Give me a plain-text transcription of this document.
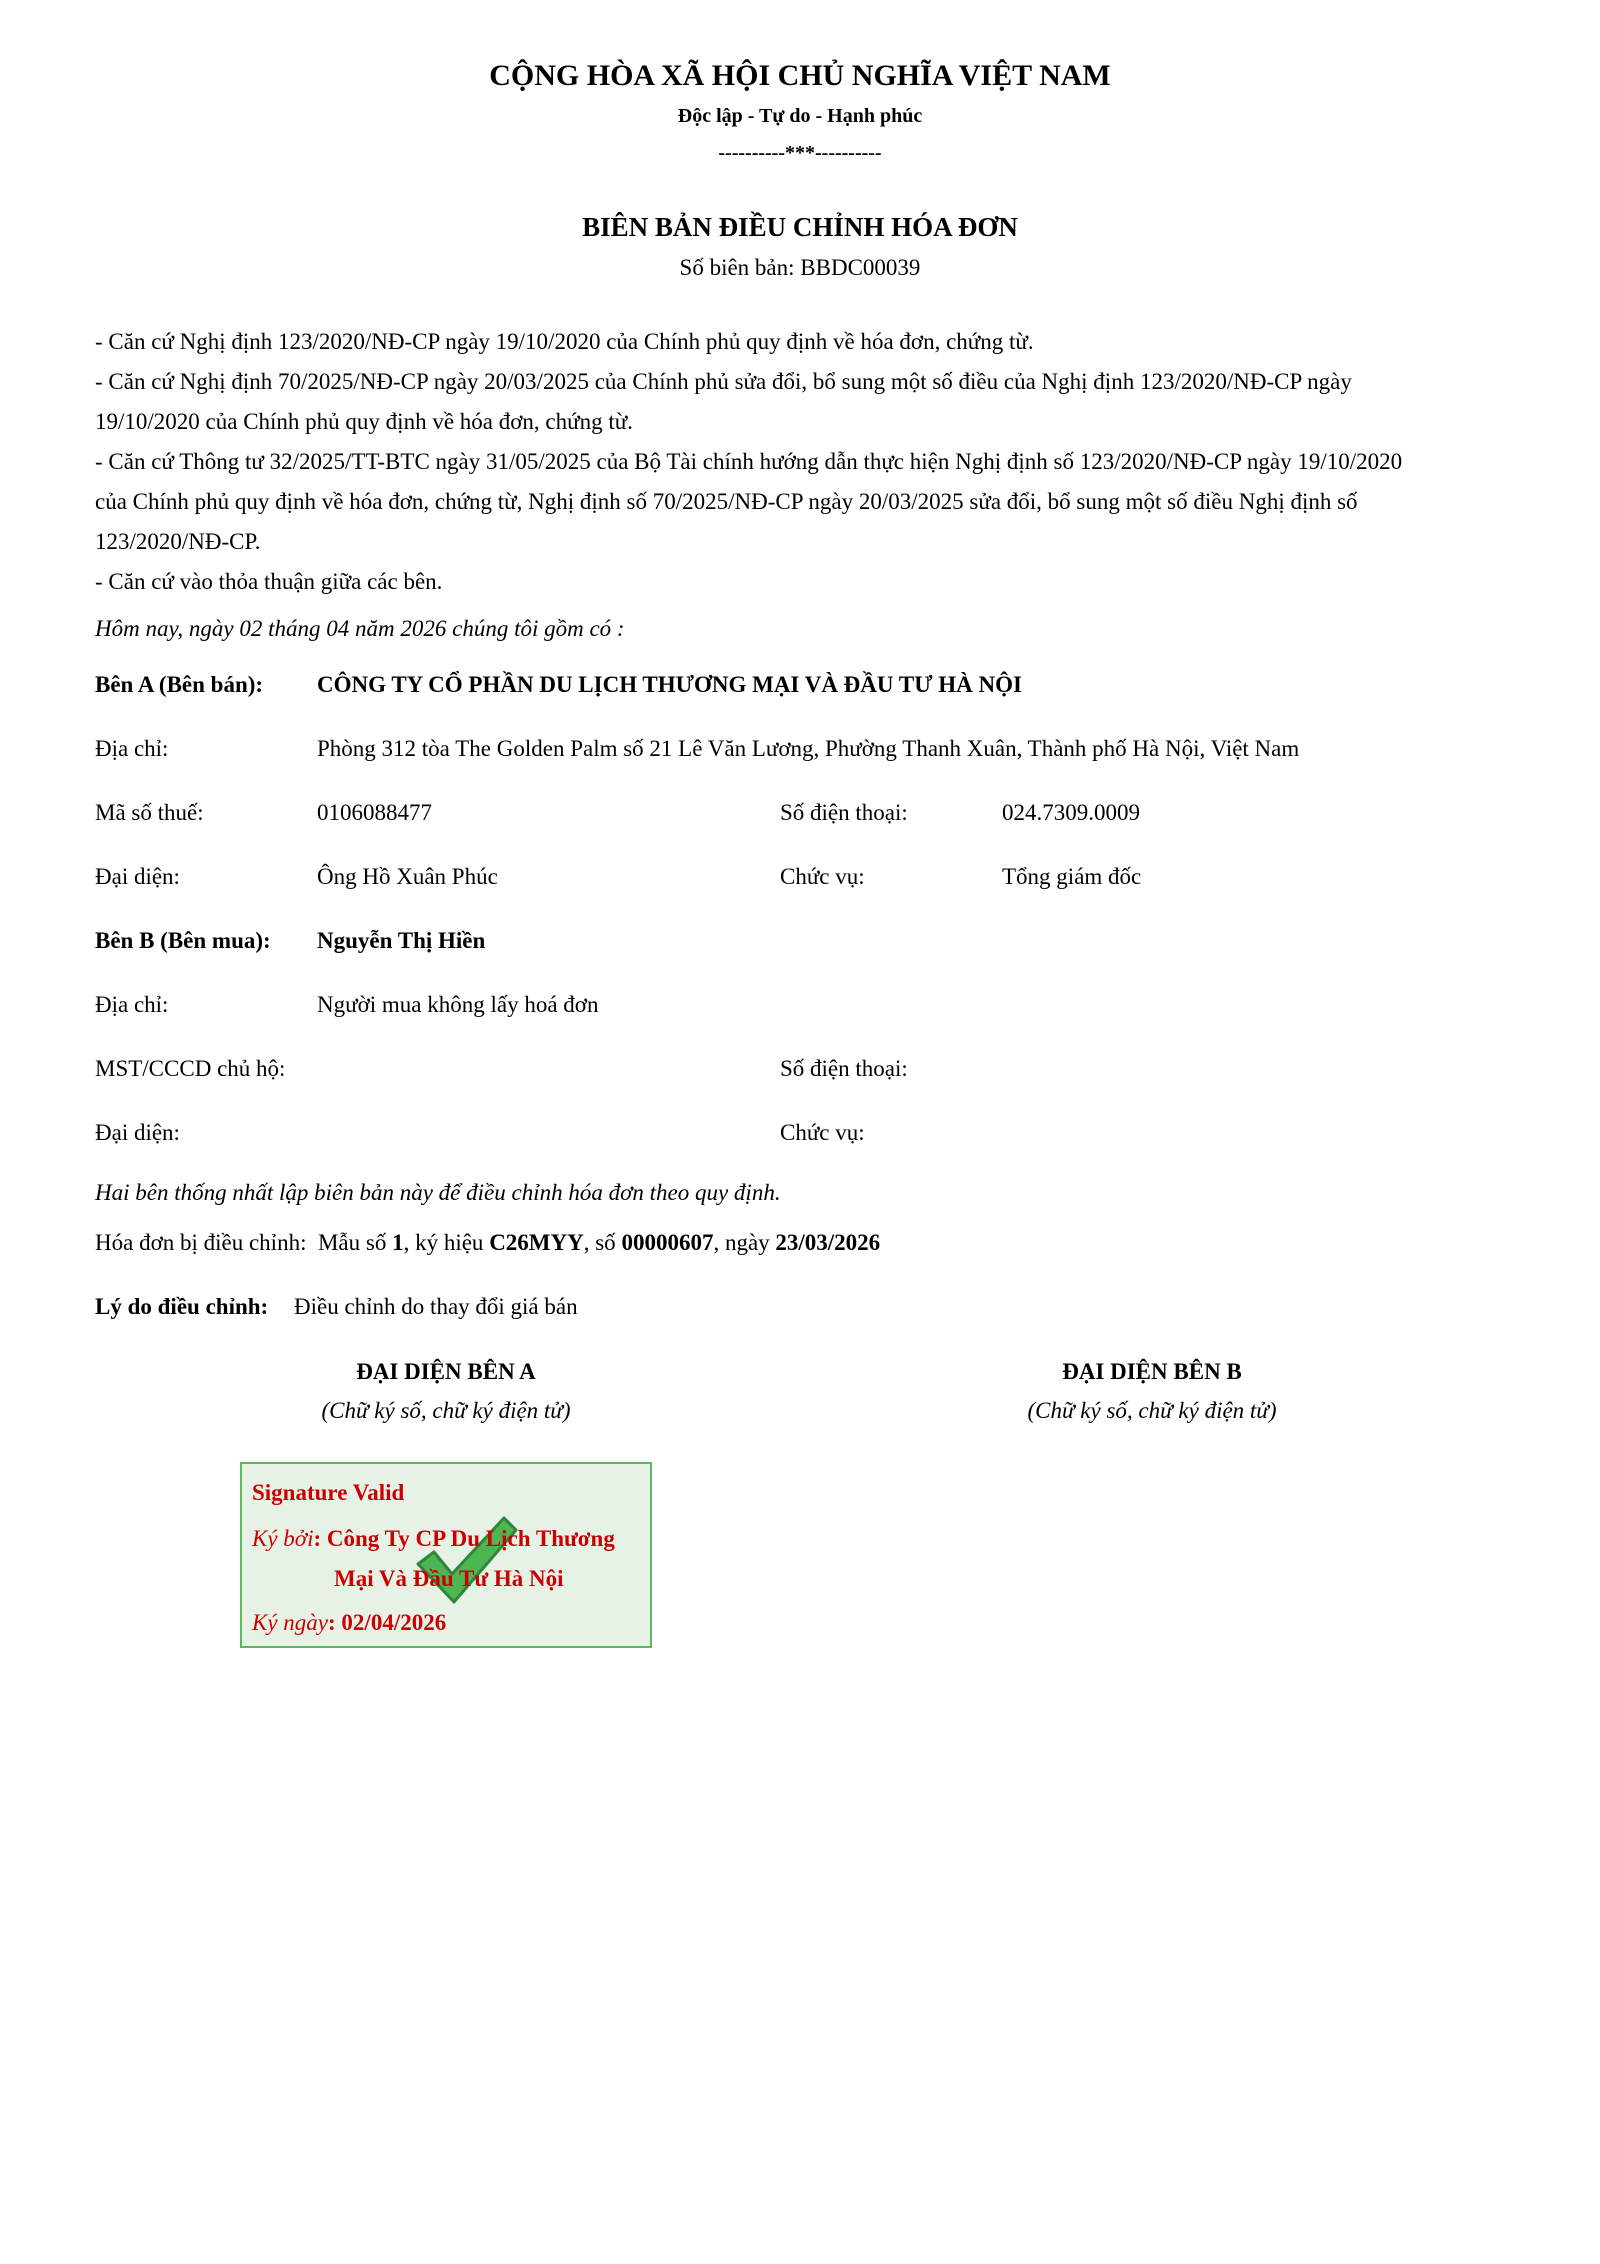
CỘNG HÒA XÃ HỘI CHỦ NGHĨA VIỆT NAM
Độc lập - Tự do - Hạnh phúc
----------***----------
BIÊN BẢN ĐIỀU CHỈNH HÓA ĐƠN
Số biên bản: BBDC00039

- Căn cứ Nghị định 123/2020/NĐ-CP ngày 19/10/2020 của Chính phủ quy định về hóa đơn, chứng từ.

- Căn cứ Nghị định 70/2025/NĐ-CP ngày 20/03/2025 của Chính phủ sửa đổi, bổ sung một số điều của Nghị định 123/2020/NĐ-CP ngày

19/10/2020 của Chính phủ quy định về hóa đơn, chứng từ.

- Căn cứ Thông tư 32/2025/TT-BTC ngày 31/05/2025 của Bộ Tài chính hướng dẫn thực hiện Nghị định số 123/2020/NĐ-CP ngày 19/10/2020

của Chính phủ quy định về hóa đơn, chứng từ, Nghị định số 70/2025/NĐ-CP ngày 20/03/2025 sửa đổi, bổ sung một số điều Nghị định số

123/2020/NĐ-CP.

- Căn cứ vào thỏa thuận giữa các bên.

Hôm nay, ngày 02 tháng 04 năm 2026 chúng tôi gồm có :
Bên A (Bên bán): CÔNG TY CỔ PHẦN DU LỊCH THƯƠNG MẠI VÀ ĐẦU TƯ HÀ NỘI
Địa chỉ:	Phòng 312 tòa The Golden Palm số 21 Lê Văn Lương, Phường Thanh Xuân, Thành phố Hà Nội, Việt Nam
Mã số thuế:	0106088477	Số điện thoại:	024.7309.0009
Đại diện:	Ông Hồ Xuân Phúc	Chức vụ:	Tổng giám đốc
Bên B (Bên mua): Nguyễn Thị Hiền
Địa chỉ:	Người mua không lấy hoá đơn
MST/CCCD chủ hộ:	Số điện thoại:
Đại diện:	Chức vụ:
Hai bên thống nhất lập biên bản này để điều chỉnh hóa đơn theo quy định.
Hóa đơn bị điều chỉnh:  Mẫu số 1, ký hiệu C26MYY, số 00000607, ngày 23/03/2026
Lý do điều chỉnh: Điều chỉnh do thay đổi giá bán
ĐẠI DIỆN BÊN A
(Chữ ký số, chữ ký điện tử)
ĐẠI DIỆN BÊN B
(Chữ ký số, chữ ký điện tử)
Signature Valid
Ký bởi: Công Ty CP Du Lịch Thương
Mại Và Đầu Tư Hà Nội
Ký ngày: 02/04/2026
